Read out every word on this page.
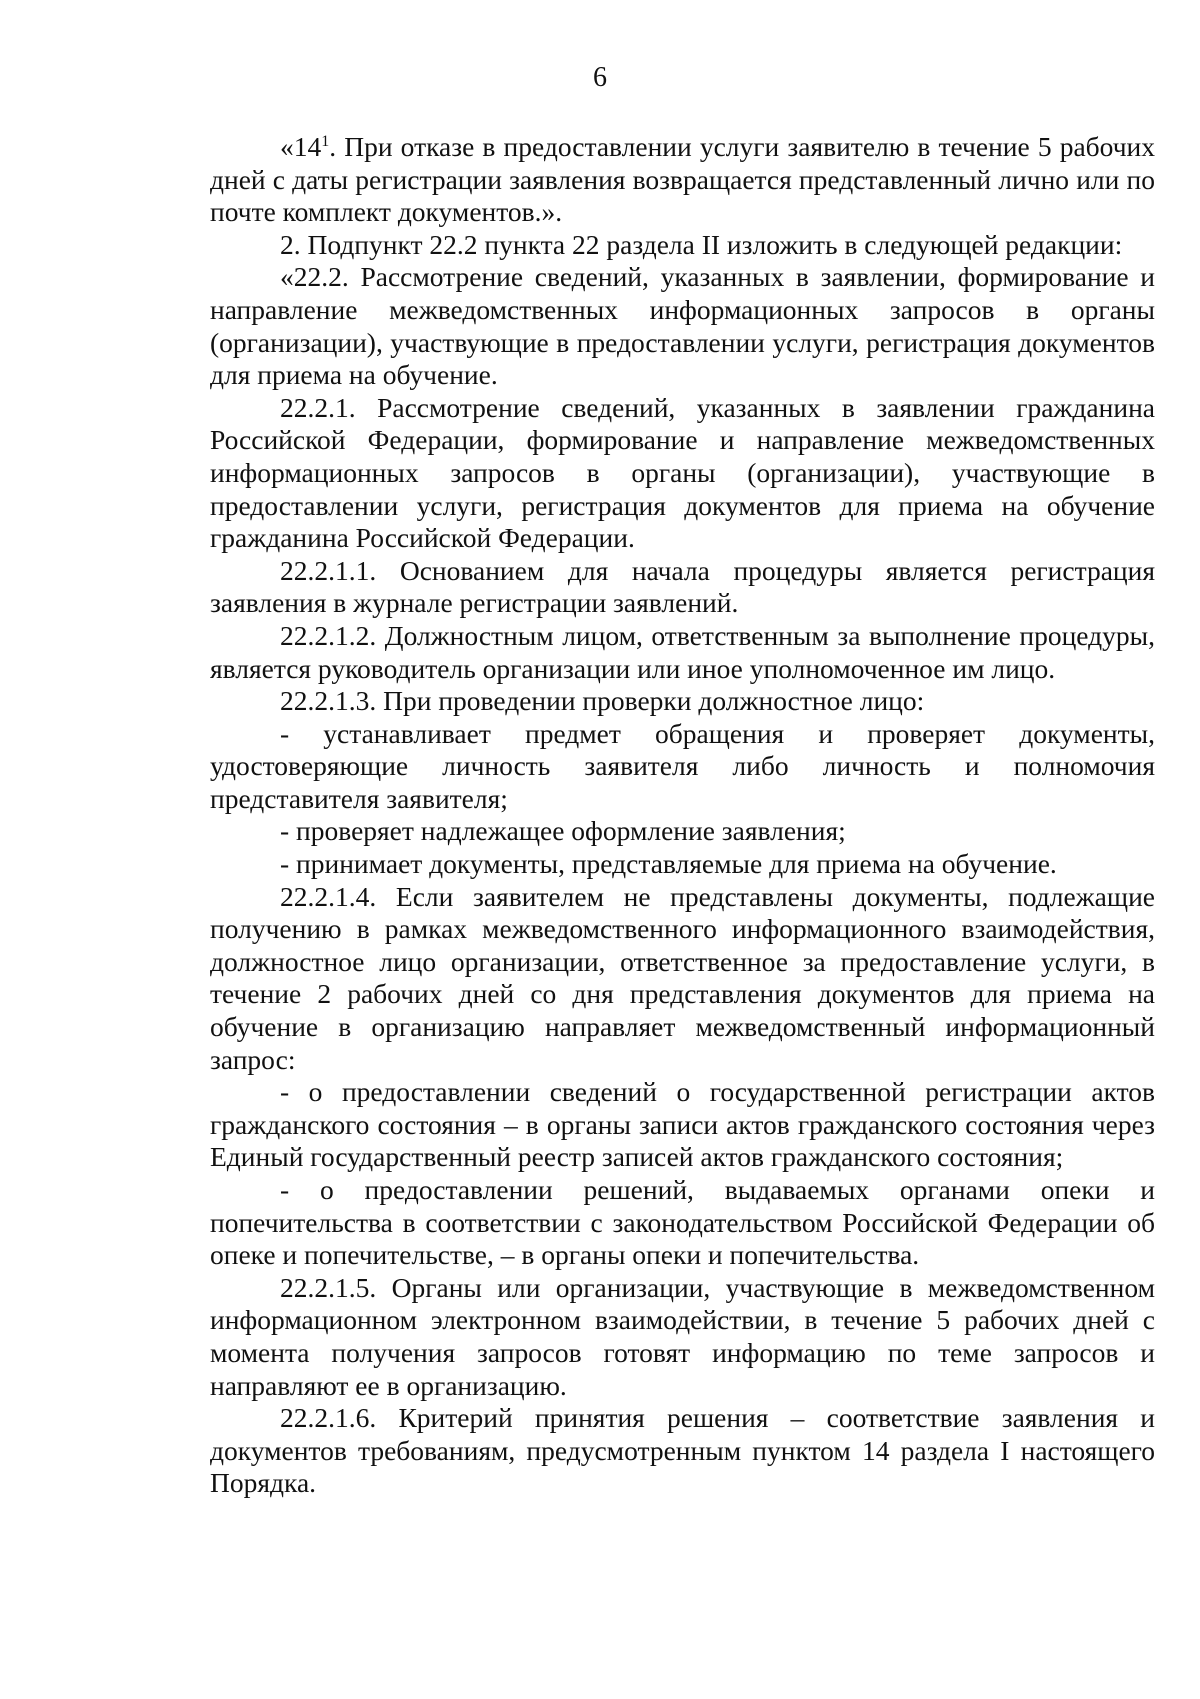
6

«$14^1$. При отказе в предоставлении услуги заявителю в течение 5 рабочих дней с даты регистрации заявления возвращается представленный лично или по почте комплект документов.».

2. Подпункт 22.2 пункта 22 раздела II изложить в следующей редакции:

«22.2. Рассмотрение сведений, указанных в заявлении, формирование и направление межведомственных информационных запросов в органы (организации), участвующие в предоставлении услуги, регистрация документов для приема на обучение.

22.2.1. Рассмотрение сведений, указанных в заявлении гражданина Российской Федерации, формирование и направление межведомственных информационных запросов в органы (организации), участвующие в предоставлении услуги, регистрация документов для приема на обучение гражданина Российской Федерации.

22.2.1.1. Основанием для начала процедуры является регистрация заявления в журнале регистрации заявлений.

22.2.1.2. Должностным лицом, ответственным за выполнение процедуры, является руководитель организации или иное уполномоченное им лицо.

22.2.1.3. При проведении проверки должностное лицо:

- устанавливает предмет обращения и проверяет документы, удостоверяющие личность заявителя либо личность и полномочия представителя заявителя;

- проверяет надлежащее оформление заявления;

- принимает документы, представляемые для приема на обучение.

22.2.1.4. Если заявителем не представлены документы, подлежащие получению в рамках межведомственного информационного взаимодействия, должностное лицо организации, ответственное за предоставление услуги, в течение 2 рабочих дней со дня представления документов для приема на обучение в организацию направляет межведомственный информационный запрос:

- о предоставлении сведений о государственной регистрации актов гражданского состояния – в органы записи актов гражданского состояния через Единый государственный реестр записей актов гражданского состояния;

- о предоставлении решений, выдаваемых органами опеки и попечительства в соответствии с законодательством Российской Федерации об опеке и попечительстве, – в органы опеки и попечительства.

22.2.1.5. Органы или организации, участвующие в межведомственном информационном электронном взаимодействии, в течение 5 рабочих дней с момента получения запросов готовят информацию по теме запросов и направляют ее в организацию.

22.2.1.6. Критерий принятия решения – соответствие заявления и документов требованиям, предусмотренным пунктом 14 раздела I настоящего Порядка.
